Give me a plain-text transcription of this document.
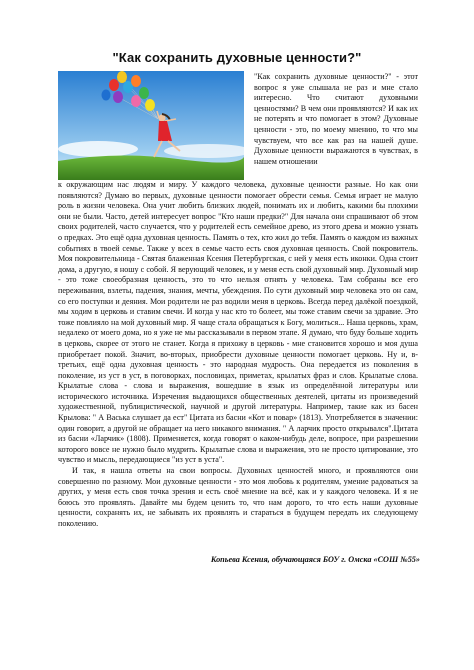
"Как сохранить духовные ценности?"
"Как сохранить духовные ценности?" - этот вопрос я уже слышала не раз и мне стало интересно. Что считают духовными ценностями? В чем они проявляются? И как их не потерять и что помогает в этом? Духовные ценности - это, по моему мнению, то что мы чувствуем, что все как раз на нашей душе. Духовные ценности выражаются в чувствах, в нашем отношении

к окружающим нас людям и миру. У каждого человека, духовные ценности разные. Но как они появляются? Думаю во первых, духовные ценности помогает обрести семья. Семья играет не малую роль в жизни человека. Она учит любить близких людей, понимать их и любить, какими бы плохими они не были. Часто, детей интересует вопрос "Кто наши предки?" Для начала они спрашивают об этом своих родителей, часто случается, что у родителей есть семейное древо, из этого древа и можно узнать о предках. Это ещё одна духовная ценность. Память о тех, кто жил до тебя. Память о каждом из важных событиях в твоей семье. Также у всех в семье часто есть своя духовная ценность. Свой покровитель. Моя покровительница - Святая блаженная Ксения Петербургская, с ней у меня есть иконки. Одна стоит дома, а другую, я ношу с собой. Я верующий человек, и у меня есть свой духовный мир. Духовный мир - это тоже своеобразная ценность, это то что нельзя отнять у человека. Там собраны все его переживания, взлеты, падения, знания, мечты, убеждения. По сути духовный мир человека это он сам, со его поступки и деяния. Мои родители не раз водили меня в церковь. Всегда перед далёкой поездкой, мы ходим в церковь и ставим свечи. И когда у нас кто то болеет, мы тоже ставим свечи за здравие. Это тоже повлияло на мой духовный мир. Я чаще стала обращаться к Богу, молиться... Наша церковь, храм, недалеко от моего дома, но я уже не мы рассказывали в первом этапе. Я думаю, что буду больше ходить в церковь, скорее от этого не станет. Когда я прихожу в церковь - мне становится хорошо и моя душа приобретает покой. Значит, во-вторых, приобрести духовные ценности помогает церковь. Ну и, в-третьих, ещё одна духовная ценность - это народная мудрость. Она передается из поколения в поколение, из уст в уст, в поговорках, пословицах, приметах, крылатых фраз и слов. Крылатые слова. Крылатые слова - слова и выражения, вошедшие в язык из определённой литературы или исторического источника. Изречения выдающихся общественных деятелей, цитаты из произведений художественной, публицистической, научной и другой литературы. Например, такие как из басен Крылова: " А Васька слушает да ест" Цитата из басни «Кот и повар» (1813). Употребляется в значении: один говорит, а другой не обращает на него никакого внимания. " А ларчик просто открывался".Цитата из басни «Ларчик» (1808). Применяется, когда говорят о каком-нибудь деле, вопросе, при разрешении которого вовсе не нужно было мудрить. Крылатые слова и выражения, это не просто цитирование, это чувство и мысль, передающиеся "из уст в уста".

И так, я нашла ответы на свои вопросы. Духовных ценностей много, и проявляются они совершенно по разному. Мои духовные ценности - это моя любовь к родителям, умение радоваться за других, у меня есть своя точка зрения и есть своё мнение на всё, как и у каждого человека. И я не боюсь это проявлять. Давайте мы будем ценить то, что нам дорого, то что есть наши духовные ценности, сохранять их, не забывать их проявлять и стараться в будущем передать их следующему поколению.

Копьева Ксения, обучающаяся БОУ г. Омска «СОШ №55»
